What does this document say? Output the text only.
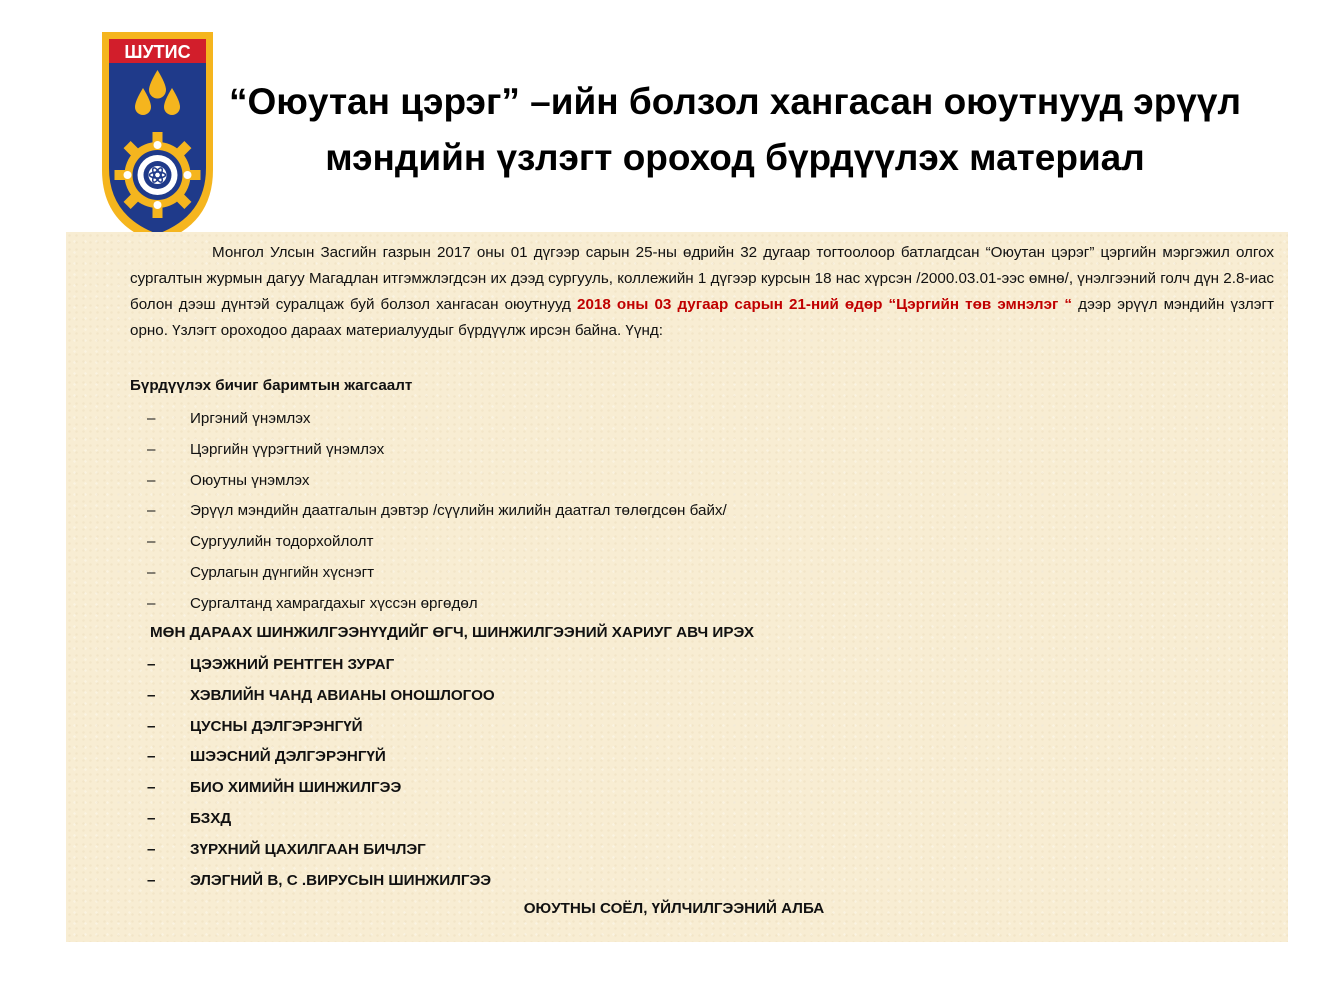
ШУТИС
“Оюутан цэрэг” –ийн болзол хангасан оюутнууд эрүүл
мэндийн үзлэгт ороход бүрдүүлэх материал

Монгол Улсын Засгийн газрын 2017 оны 01 дүгээр сарын 25-ны өдрийн 32 дугаар тогтоолоор батлагдсан “Оюутан цэрэг” цэргийн мэргэжил олгох сургалтын журмын дагуу Магадлан итгэмжлэгдсэн их дээд сургууль, коллежийн 1 дүгээр курсын 18 нас хүрсэн /2000.03.01-ээс өмнө/, үнэлгээний голч дүн 2.8-иас болон дээш дүнтэй суралцаж буй болзол хангасан оюутнууд 2018 оны 03 дугаар сарын 21-ний өдөр “Цэргийн төв эмнэлэг “ дээр эрүүл мэндийн үзлэгт орно. Үзлэгт ороходоо дараах материалуудыг бүрдүүлж ирсэн байна. Үүнд:

Бүрдүүлэх бичиг баримтын жагсаалт

– Иргэний үнэмлэх
– Цэргийн үүрэгтний үнэмлэх
– Оюутны үнэмлэх
– Эрүүл мэндийн даатгалын дэвтэр /сүүлийн жилийн даатгал төлөгдсөн байх/
– Сургуулийн тодорхойлолт
– Сурлагын дүнгийн хүснэгт
– Сургалтанд хамрагдахыг хүссэн өргөдөл

МӨН ДАРААХ ШИНЖИЛГЭЭНҮҮДИЙГ ӨГЧ, ШИНЖИЛГЭЭНИЙ ХАРИУГ АВЧ ИРЭХ

– ЦЭЭЖНИЙ РЕНТГЕН ЗУРАГ
– ХЭВЛИЙН ЧАНД АВИАНЫ ОНОШЛОГОО
– ЦУСНЫ ДЭЛГЭРЭНГҮЙ
– ШЭЭСНИЙ ДЭЛГЭРЭНГҮЙ
– БИО ХИМИЙН ШИНЖИЛГЭЭ
– БЗХД
– ЗҮРХНИЙ ЦАХИЛГААН БИЧЛЭГ
– ЭЛЭГНИЙ В, С .ВИРУСЫН ШИНЖИЛГЭЭ

ОЮУТНЫ СОЁЛ, ҮЙЛЧИЛГЭЭНИЙ АЛБА
